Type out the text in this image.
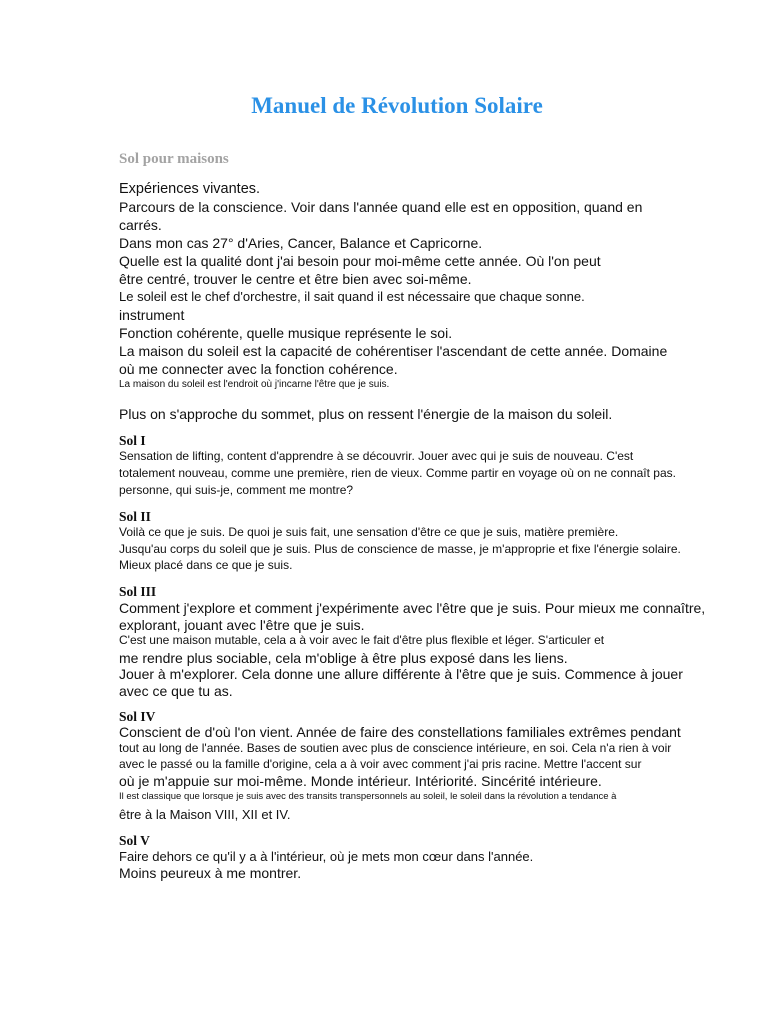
Manuel de Révolution Solaire
Sol pour maisons

Expériences vivantes.

Parcours de la conscience. Voir dans l'année quand elle est en opposition, quand en

carrés.

Dans mon cas 27° d'Aries, Cancer, Balance et Capricorne.

Quelle est la qualité dont j'ai besoin pour moi-même cette année. Où l'on peut

être centré, trouver le centre et être bien avec soi-même.

Le soleil est le chef d'orchestre, il sait quand il est nécessaire que chaque sonne.

instrument

Fonction cohérente, quelle musique représente le soi.

La maison du soleil est la capacité de cohérentiser l'ascendant de cette année. Domaine

où me connecter avec la fonction cohérence.

La maison du soleil est l'endroit où j'incarne l'être que je suis.

Plus on s'approche du sommet, plus on ressent l'énergie de la maison du soleil.

Sol I

Sensation de lifting, content d'apprendre à se découvrir. Jouer avec qui je suis de nouveau. C'est

totalement nouveau, comme une première, rien de vieux. Comme partir en voyage où on ne connaît pas.

personne, qui suis-je, comment me montre?

Sol II

Voilà ce que je suis. De quoi je suis fait, une sensation d'être ce que je suis, matière première.

Jusqu'au corps du soleil que je suis. Plus de conscience de masse, je m'approprie et fixe l'énergie solaire.

Mieux placé dans ce que je suis.

Sol III

Comment j'explore et comment j'expérimente avec l'être que je suis. Pour mieux me connaître,

explorant, jouant avec l'être que je suis.

C'est une maison mutable, cela a à voir avec le fait d'être plus flexible et léger. S'articuler et

me rendre plus sociable, cela m'oblige à être plus exposé dans les liens.

Jouer à m'explorer. Cela donne une allure différente à l'être que je suis. Commence à jouer

avec ce que tu as.

Sol IV

Conscient de d'où l'on vient. Année de faire des constellations familiales extrêmes pendant

tout au long de l'année. Bases de soutien avec plus de conscience intérieure, en soi. Cela n'a rien à voir

avec le passé ou la famille d'origine, cela a à voir avec comment j'ai pris racine. Mettre l'accent sur

où je m'appuie sur moi-même. Monde intérieur. Intériorité. Sincérité intérieure.

Il est classique que lorsque je suis avec des transits transpersonnels au soleil, le soleil dans la révolution a tendance à

être à la Maison VIII, XII et IV.

Sol V

Faire dehors ce qu'il y a à l'intérieur, où je mets mon cœur dans l'année.

Moins peureux à me montrer.
